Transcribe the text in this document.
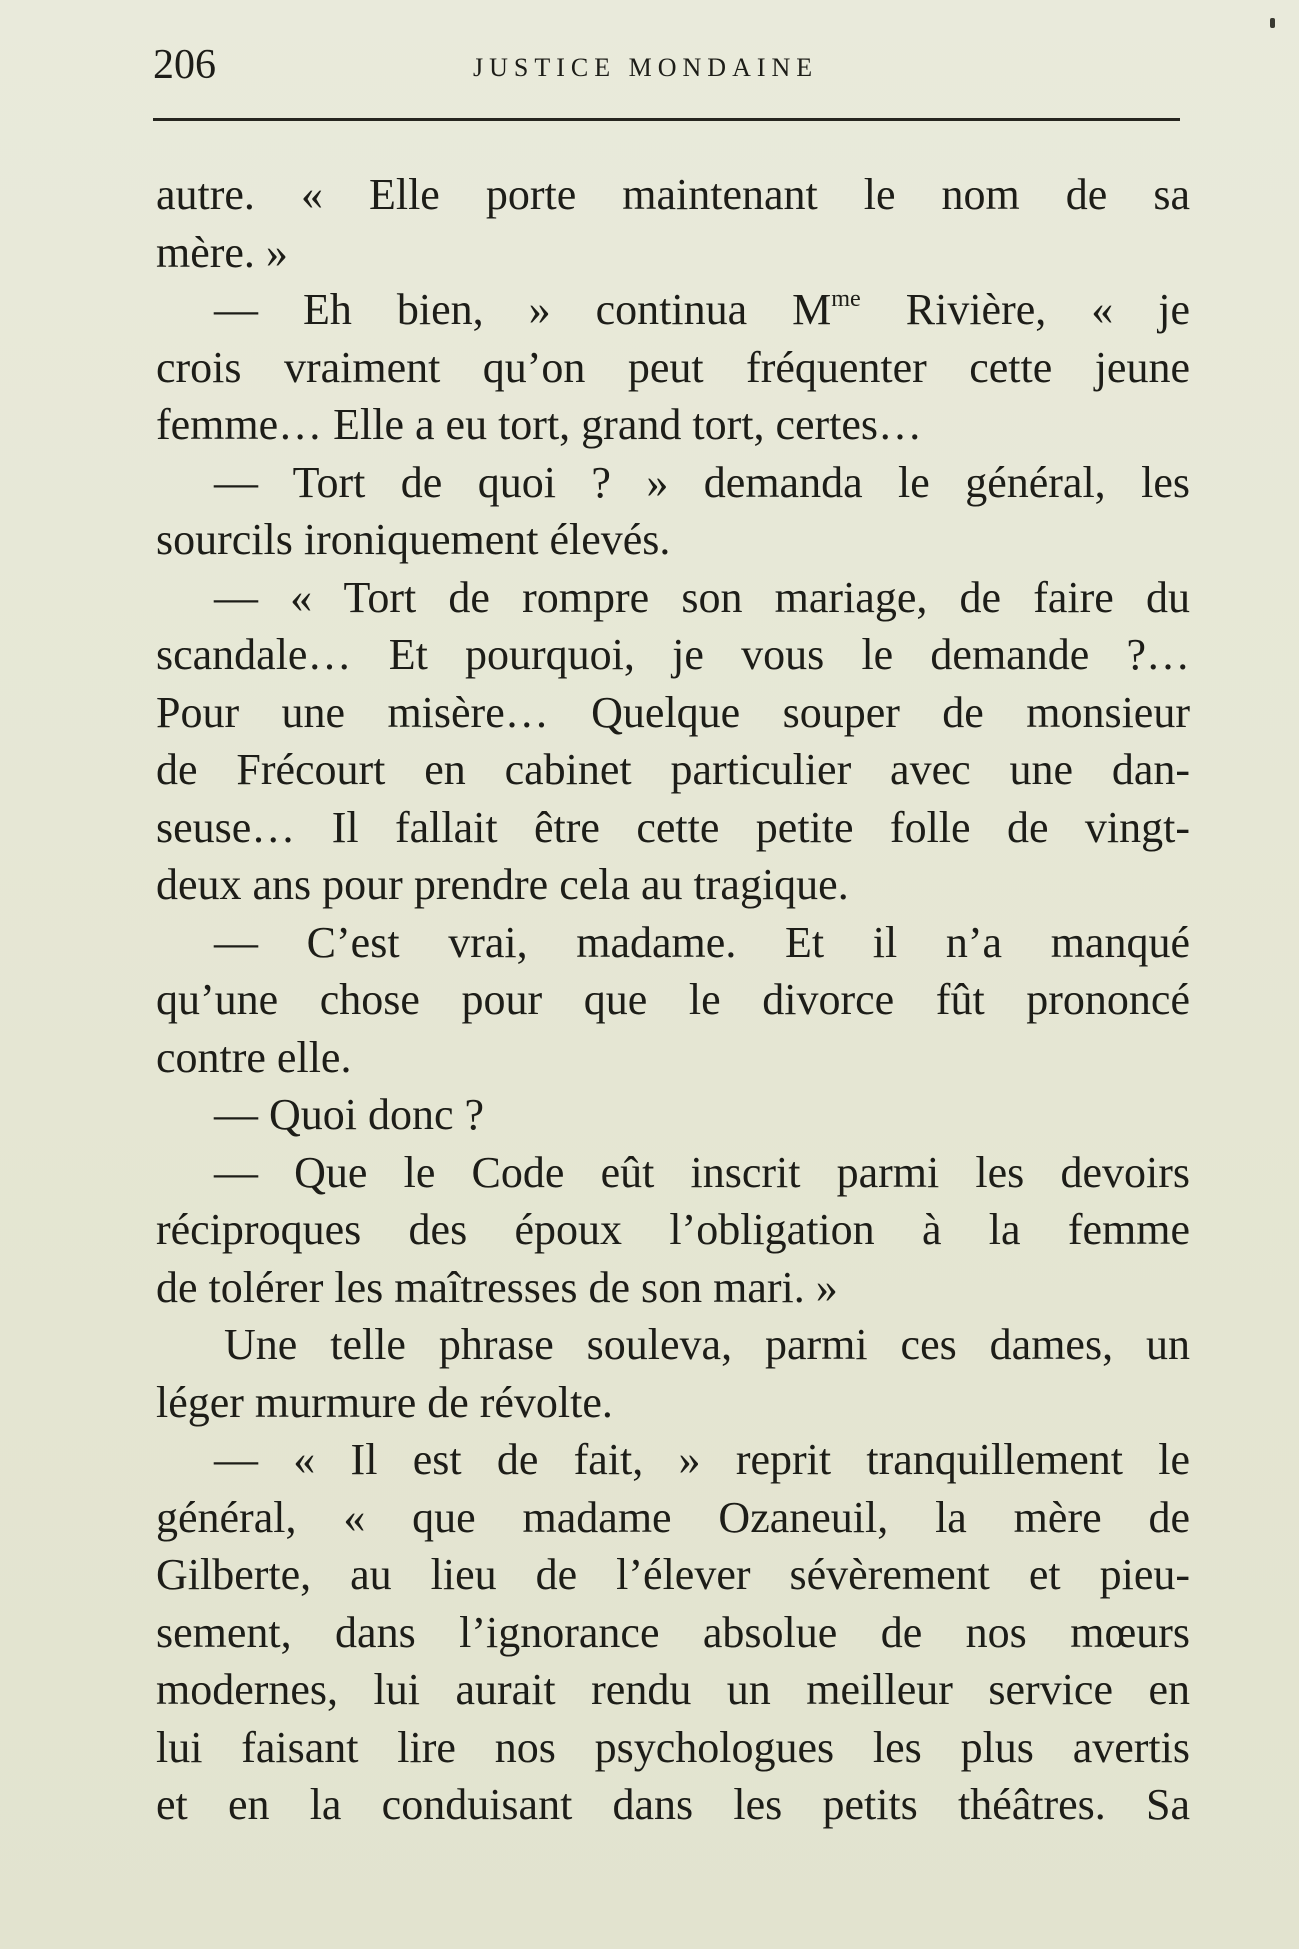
206	JUSTICE MONDAINE
autre. « Elle porte maintenant le nom de sa
mère. »
— Eh bien, » continua $M^{me}$ Rivière, « je
crois vraiment qu’on peut fréquenter cette jeune
femme… Elle a eu tort, grand tort, certes…
— Tort de quoi ? » demanda le général, les
sourcils ironiquement élevés.
— « Tort de rompre son mariage, de faire du
scandale… Et pourquoi, je vous le demande ?…
Pour une misère… Quelque souper de monsieur
de Frécourt en cabinet particulier avec une dan-
seuse… Il fallait être cette petite folle de vingt-
deux ans pour prendre cela au tragique.
— C’est vrai, madame. Et il n’a manqué
qu’une chose pour que le divorce fût prononcé
contre elle.
— Quoi donc ?
— Que le Code eût inscrit parmi les devoirs
réciproques des époux l’obligation à la femme
de tolérer les maîtresses de son mari. »
Une telle phrase souleva, parmi ces dames, un
léger murmure de révolte.
— « Il est de fait, » reprit tranquillement le
général, « que madame Ozaneuil, la mère de
Gilberte, au lieu de l’élever sévèrement et pieu-
sement, dans l’ignorance absolue de nos mœurs
modernes, lui aurait rendu un meilleur service en
lui faisant lire nos psychologues les plus avertis
et en la conduisant dans les petits théâtres. Sa
